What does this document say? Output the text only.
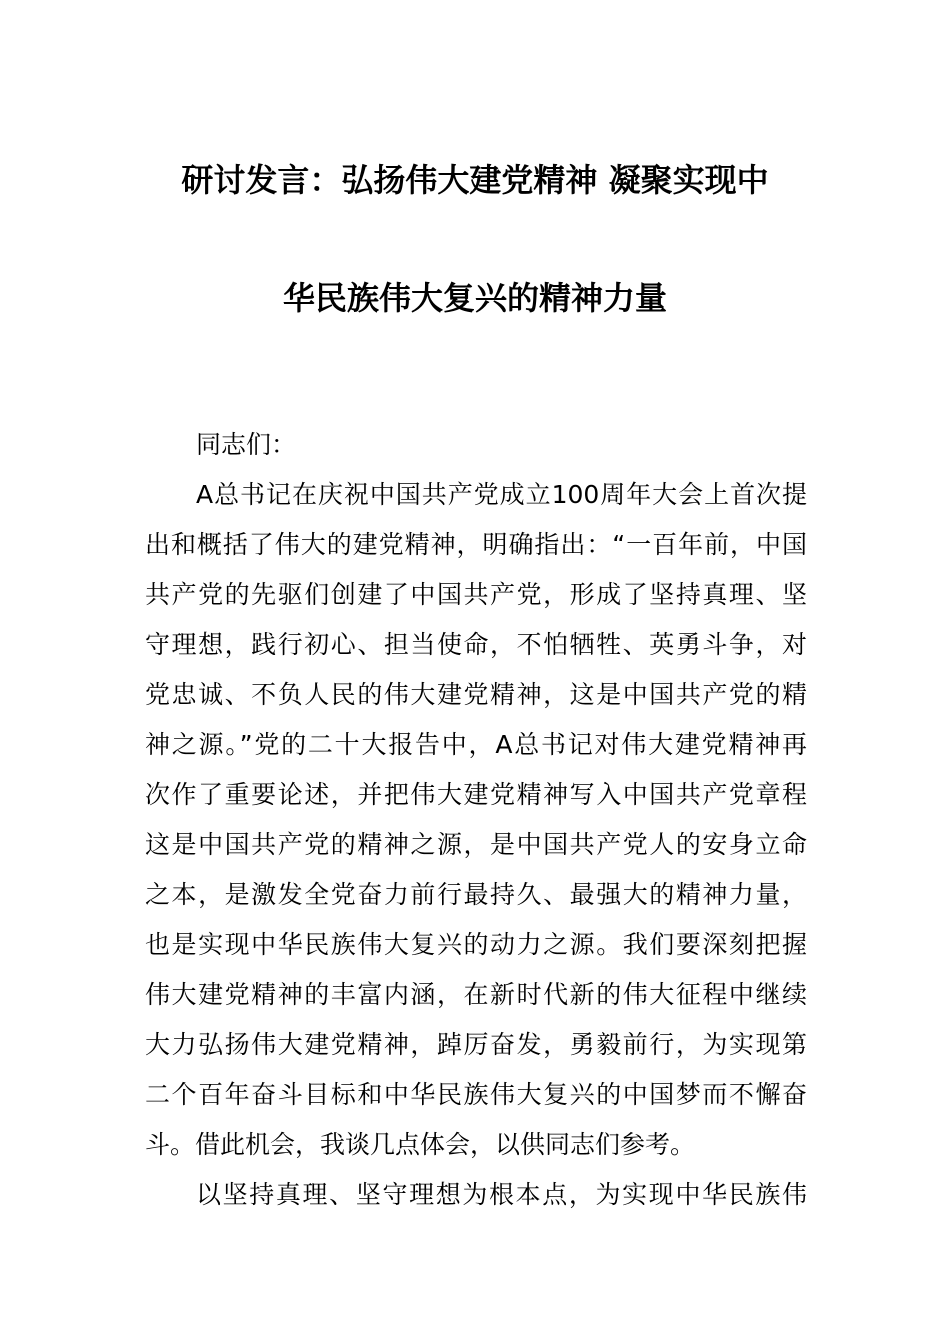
研讨发言：弘扬伟大建党精神 凝聚实现中
华民族伟大复兴的精神力量
同志们：
A总书记在庆祝中国共产党成立100周年大会上首次提
出和概括了伟大的建党精神，明确指出：“一百年前，中国
共产党的先驱们创建了中国共产党，形成了坚持真理、坚
守理想，践行初心、担当使命，不怕牺牲、英勇斗争，对
党忠诚、不负人民的伟大建党精神，这是中国共产党的精
神之源。”党的二十大报告中，A总书记对伟大建党精神再
次作了重要论述，并把伟大建党精神写入中国共产党章程
这是中国共产党的精神之源，是中国共产党人的安身立命
之本，是激发全党奋力前行最持久、最强大的精神力量，
也是实现中华民族伟大复兴的动力之源。我们要深刻把握
伟大建党精神的丰富内涵，在新时代新的伟大征程中继续
大力弘扬伟大建党精神，踔厉奋发，勇毅前行，为实现第
二个百年奋斗目标和中华民族伟大复兴的中国梦而不懈奋
斗。借此机会，我谈几点体会，以供同志们参考。
以坚持真理、坚守理想为根本点，为实现中华民族伟
